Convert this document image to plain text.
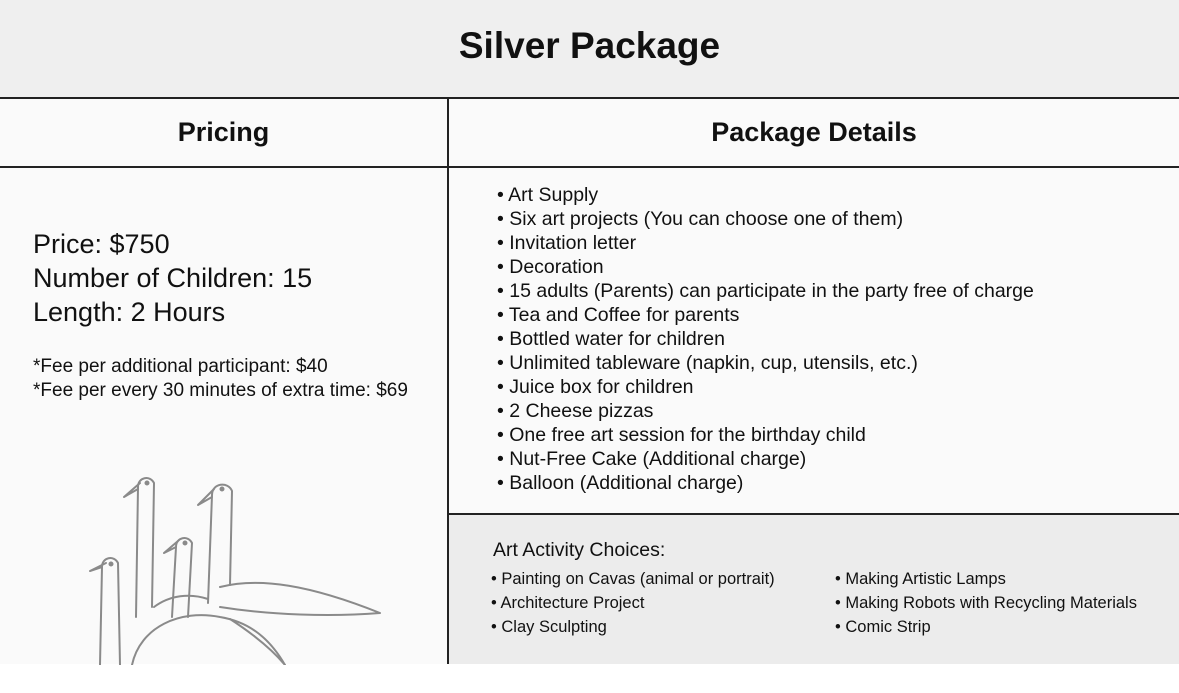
Silver Package
Pricing	Package Details
Price: $750
Number of Children: 15
Length: 2 Hours
*Fee per additional participant: $40
*Fee per every 30 minutes of extra time: $69
• Art Supply
• Six art projects (You can choose one of them)
• Invitation letter
• Decoration
• 15 adults (Parents) can participate in the party free of charge
• Tea and Coffee for parents
• Bottled water for children
• Unlimited tableware (napkin, cup, utensils, etc.)
• Juice box for children
• 2 Cheese pizzas
• One free art session for the birthday child
• Nut-Free Cake (Additional charge)
• Balloon (Additional charge)
Art Activity Choices:
• Painting on Cavas (animal or portrait)
• Architecture Project
• Clay Sculpting
• Making Artistic Lamps
• Making Robots with Recycling Materials
• Comic Strip
